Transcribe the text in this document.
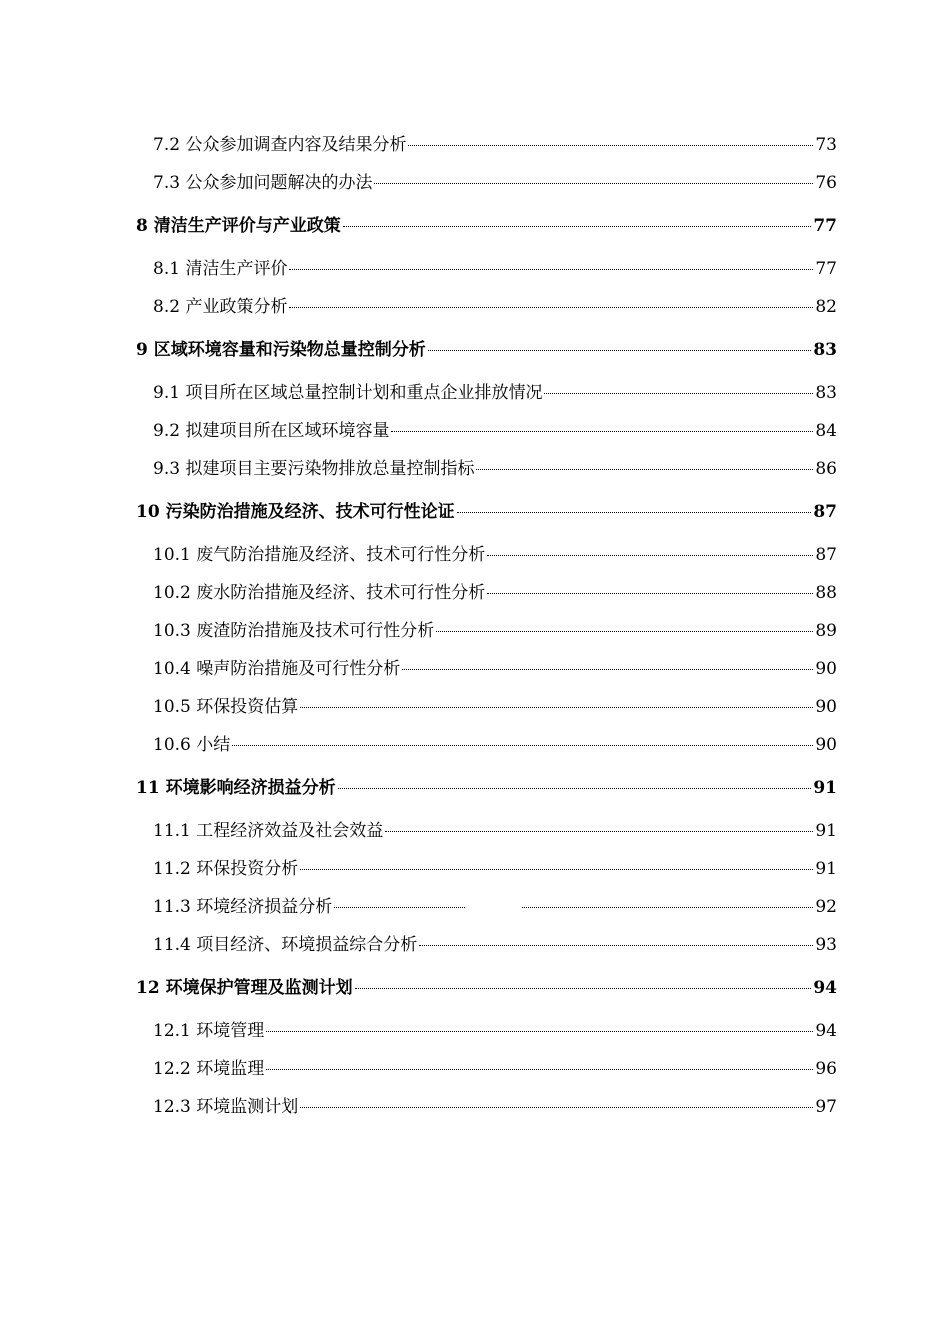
7.2 公众参加调查内容及结果分析	73
7.3 公众参加问题解决的办法	76
8 清洁生产评价与产业政策	77
8.1 清洁生产评价	77
8.2 产业政策分析	82
9 区域环境容量和污染物总量控制分析	83
9.1 项目所在区域总量控制计划和重点企业排放情况	83
9.2 拟建项目所在区域环境容量	84
9.3 拟建项目主要污染物排放总量控制指标	86
10 污染防治措施及经济、技术可行性论证	87
10.1 废气防治措施及经济、技术可行性分析	87
10.2 废水防治措施及经济、技术可行性分析	88
10.3 废渣防治措施及技术可行性分析	89
10.4 噪声防治措施及可行性分析	90
10.5 环保投资估算	90
10.6 小结	90
11 环境影响经济损益分析	91
11.1 工程经济效益及社会效益	91
11.2 环保投资分析	91
11.3 环境经济损益分析	92
11.4 项目经济、环境损益综合分析	93
12 环境保护管理及监测计划	94
12.1 环境管理	94
12.2 环境监理	96
12.3 环境监测计划	97
